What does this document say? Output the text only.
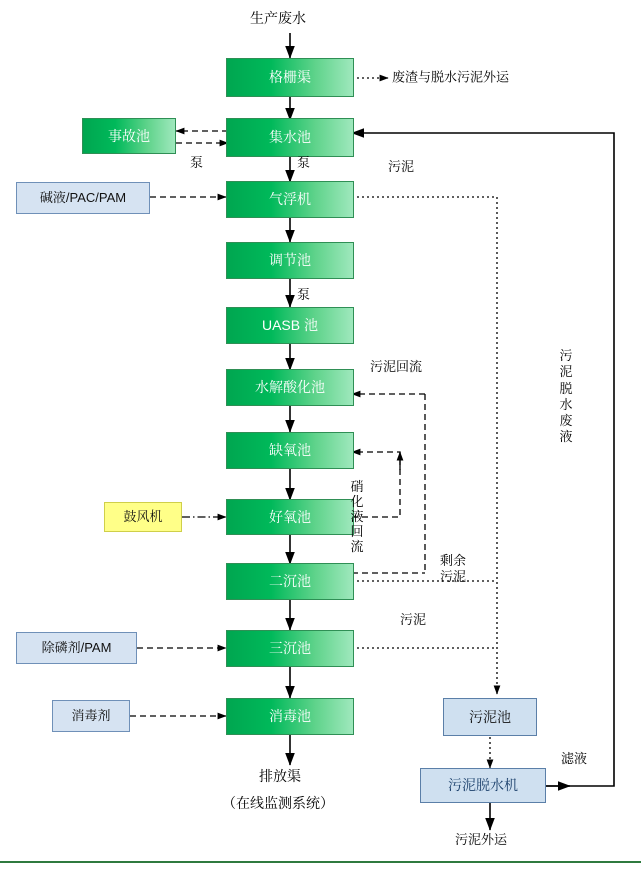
生产废水
格栅渠
集水池
事故池
气浮机
调节池
UASB 池
水解酸化池
缺氧池
好氧池
二沉池
三沉池
消毒池
碱液/PAC/PAM
除磷剂/PAM
消毒剂
鼓风机
污泥池
污泥脱水机
废渣与脱水污泥外运
泵	泵
泵
污泥
污泥回流
污泥
滤液
污泥外运
排放渠
（在线监测系统）
硝
化液
回流
剩余
污泥
污
泥
脱
水
废
液
